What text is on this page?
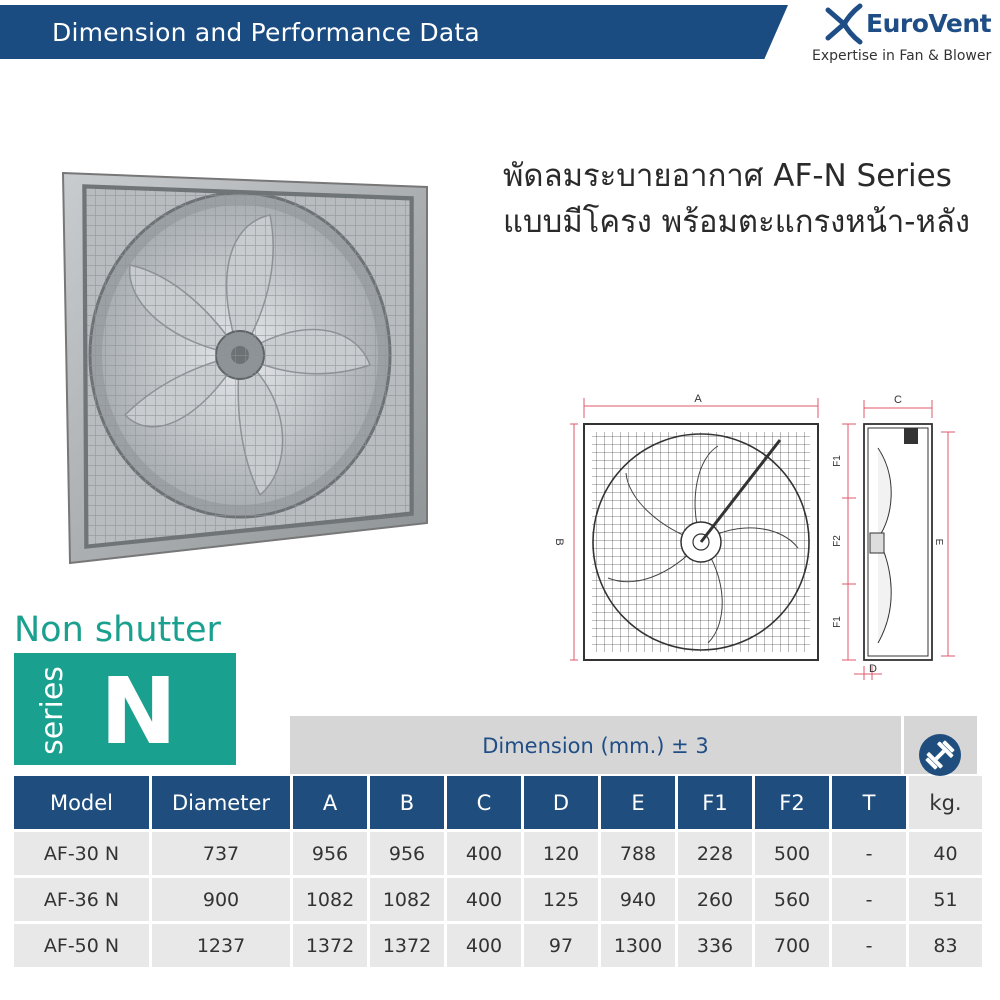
Dimension and Performance Data	EuroVent
Expertise in Fan & Blower
พัดลมระบายอากาศ AF-N Series
แบบมีโครง พร้อมตะแกรงหน้า-หลัง
A
B
C
F1
F2
F1
E
D
Non shutter
series N	Dimension (mm.) ± 3
Model	Diameter	A	B	C	D	E	F1	F2	T	kg.
AF-30 N	737	956	956	400	120	788	228	500	-	40
AF-36 N	900	1082	1082	400	125	940	260	560	-	51
AF-50 N	1237	1372	1372	400	97	1300	336	700	-	83
